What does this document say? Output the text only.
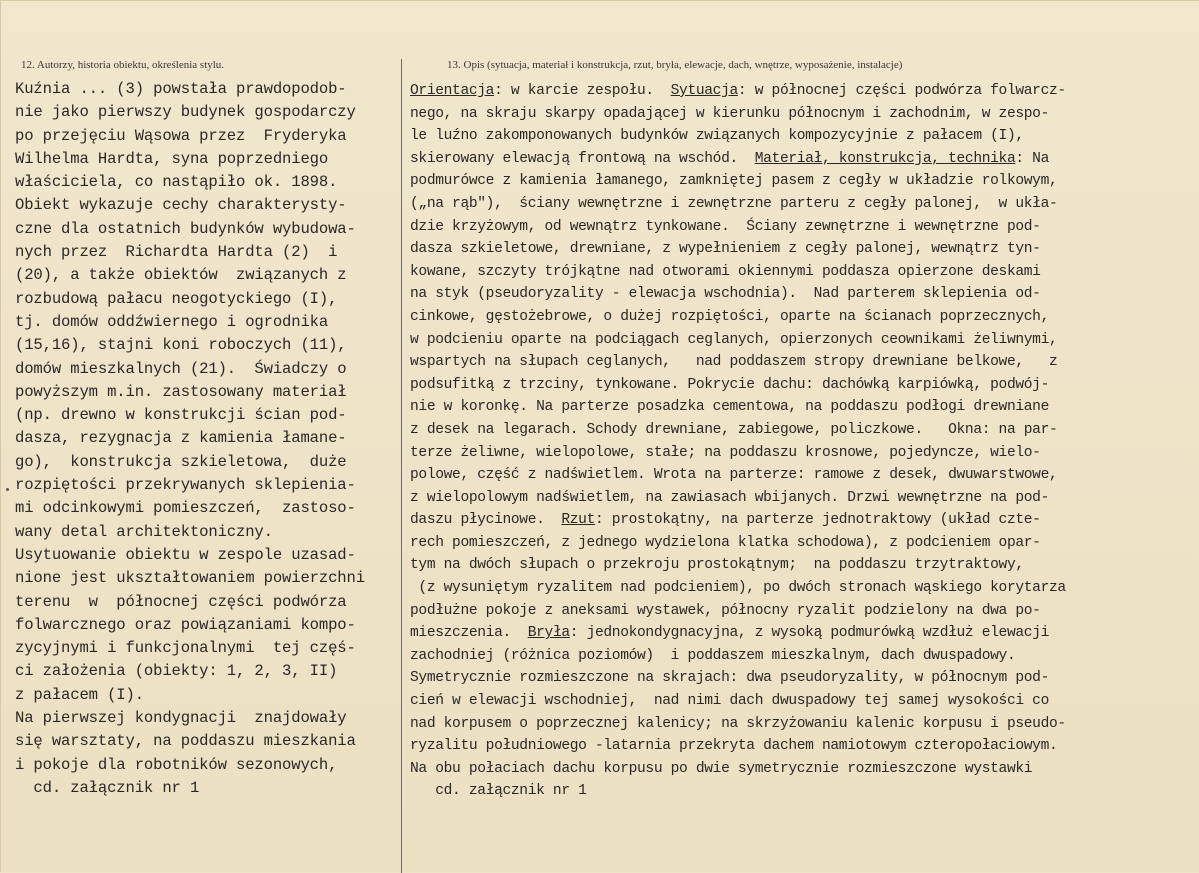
12. Autorzy, historia obiektu, określenia stylu.	13. Opis (sytuacja, materiał i konstrukcja, rzut, bryła, elewacje, dach, wnętrze, wyposażenie, instalacje)
Kuźnia ... (3) powstała prawdopodob-
nie jako pierwszy budynek gospodarczy
po przejęciu Wąsowa przez  Fryderyka
Wilhelma Hardta, syna poprzedniego
właściciela, co nastąpiło ok. 1898.
Obiekt wykazuje cechy charakterysty-
czne dla ostatnich budynków wybudowa-
nych przez  Richardta Hardta (2)  i
(20), a także obiektów  związanych z
rozbudową pałacu neogotyckiego (I),
tj. domów oddźwiernego i ogrodnika
(15,16), stajni koni roboczych (11),
domów mieszkalnych (21).  Świadczy o
powyższym m.in. zastosowany materiał
(np. drewno w konstrukcji ścian pod-
dasza, rezygnacja z kamienia łamane-
go),  konstrukcja szkieletowa,  duże
rozpiętości przekrywanych sklepienia-
mi odcinkowymi pomieszczeń,  zastoso-
wany detal architektoniczny.
Usytuowanie obiektu w zespole uzasad-
nione jest ukształtowaniem powierzchni
terenu  w  północnej części podwórza
folwarcznego oraz powiązaniami kompo-
zycyjnymi i funkcjonalnymi  tej częś-
ci założenia (obiekty: 1, 2, 3, II)
z pałacem (I).
Na pierwszej kondygnacji  znajdowały
się warsztaty, na poddaszu mieszkania
i pokoje dla robotników sezonowych,
cd. załącznik nr 1
Orientacja: w karcie zespołu.  Sytuacja: w północnej części podwórza folwarcz-
nego, na skraju skarpy opadającej w kierunku północnym i zachodnim, w zespo-
le luźno zakomponowanych budynków związanych kompozycyjnie z pałacem (I),
skierowany elewacją frontową na wschód.  Materiał, konstrukcja, technika: Na
podmurówce z kamienia łamanego, zamkniętej pasem z cegły w układzie rolkowym,
(„na rąb"),  ściany wewnętrzne i zewnętrzne parteru z cegły palonej,  w ukła-
dzie krzyżowym, od wewnątrz tynkowane.  Ściany zewnętrzne i wewnętrzne pod-
dasza szkieletowe, drewniane, z wypełnieniem z cegły palonej, wewnątrz tyn-
kowane, szczyty trójkątne nad otworami okiennymi poddasza opierzone deskami
na styk (pseudoryzality - elewacja wschodnia).  Nad parterem sklepienia od-
cinkowe, gęstożebrowe, o dużej rozpiętości, oparte na ścianach poprzecznych,
w podcieniu oparte na podciągach ceglanych, opierzonych ceownikami żeliwnymi,
wspartych na słupach ceglanych,   nad poddaszem stropy drewniane belkowe,   z
podsufitką z trzciny, tynkowane. Pokrycie dachu: dachówką karpiówką, podwój-
nie w koronkę. Na parterze posadzka cementowa, na poddaszu podłogi drewniane
z desek na legarach. Schody drewniane, zabiegowe, policzkowe.   Okna: na par-
terze żeliwne, wielopolowe, stałe; na poddaszu krosnowe, pojedyncze, wielo-
polowe, część z nadświetlem. Wrota na parterze: ramowe z desek, dwuwarstwowe,
z wielopolowym nadświetlem, na zawiasach wbijanych. Drzwi wewnętrzne na pod-
daszu płycinowe.  Rzut: prostokątny, na parterze jednotraktowy (układ czte-
rech pomieszczeń, z jednego wydzielona klatka schodowa), z podcieniem opar-
tym na dwóch słupach o przekroju prostokątnym;  na poddaszu trzytraktowy,
(z wysuniętym ryzalitem nad podcieniem), po dwóch stronach wąskiego korytarza
podłużne pokoje z aneksami wystawek, północny ryzalit podzielony na dwa po-
mieszczenia.  Bryła: jednokondygnacyjna, z wysoką podmurówką wzdłuż elewacji
zachodniej (różnica poziomów)  i poddaszem mieszkalnym, dach dwuspadowy.
Symetrycznie rozmieszczone na skrajach: dwa pseudoryzality, w północnym pod-
cień w elewacji wschodniej,  nad nimi dach dwuspadowy tej samej wysokości co
nad korpusem o poprzecznej kalenicy; na skrzyżowaniu kalenic korpusu i pseudo-
ryzalitu południowego -latarnia przekryta dachem namiotowym czteropołaciowym.
Na obu połaciach dachu korpusu po dwie symetrycznie rozmieszczone wystawki
cd. załącznik nr 1
